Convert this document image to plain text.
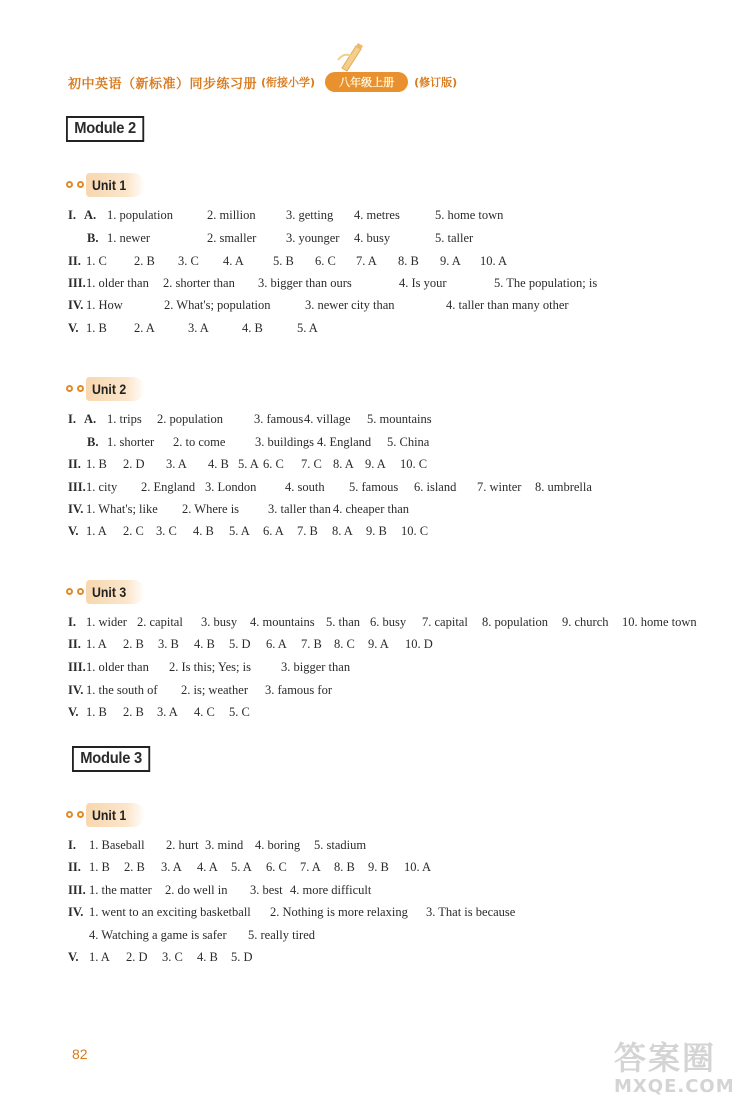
初中英语（新标准）同步练习册 (衔接小学)	八年级上册	(修订版)
Module 2
Unit 1
Unit 2
Unit 3
Module 3
Unit 1
I. A. 1. population	2. million 3. getting 4. metres	5. home town
B. 1. newer	2. smaller 3. younger 4. busy	5. taller
II. 1. C 2. B 3. C 4. A 5. B 6. C 7. A 8. B 9. A 10. A
III. 1. older than 2. shorter than 3. bigger than ours	4. Is your	5. The population; is
IV. 1. How	2. What's; population	3. newer city than	4. taller than many other
V. 1. B 2. A	3. A	4. B	5. A
I. A. 1. trips 2. population 3. famous 4. village 5. mountains
B. 1. shorter 2. to come 3. buildings 4. England 5. China
II. 1. B 2. D 3. A 4. B 5. A 6. C 7. C 8. A 9. A 10. C
III. 1. city 2. England 3. London 4. south 5. famous 6. island 7. winter 8. umbrella
IV. 1. What's; like 2. Where is 3. taller than 4. cheaper than
V. 1. A 2. C 3. C 4. B 5. A 6. A 7. B 8. A 9. B 10. C
I. 1. wider 2. capital 3. busy 4. mountains 5. than 6. busy 7. capital 8. population 9. church 10. home town
II. 1. A 2. B 3. B 4. B 5. D 6. A 7. B 8. C 9. A 10. D
III. 1. older than 2. Is this; Yes; is 3. bigger than
IV. 1. the south of 2. is; weather 3. famous for
V. 1. B 2. B 3. A 4. C 5. C
I. 1. Baseball 2. hurt 3. mind 4. boring 5. stadium
II. 1. B 2. B 3. A 4. A 5. A 6. C 7. A 8. B 9. B 10. A
III. 1. the matter 2. do well in 3. best 4. more difficult
IV. 1. went to an exciting basketball 2. Nothing is more relaxing 3. That is because
4. Watching a game is safer 5. really tired
V. 1. A 2. D 3. C 4. B 5. D
82	答案圈
MXQE.COM
